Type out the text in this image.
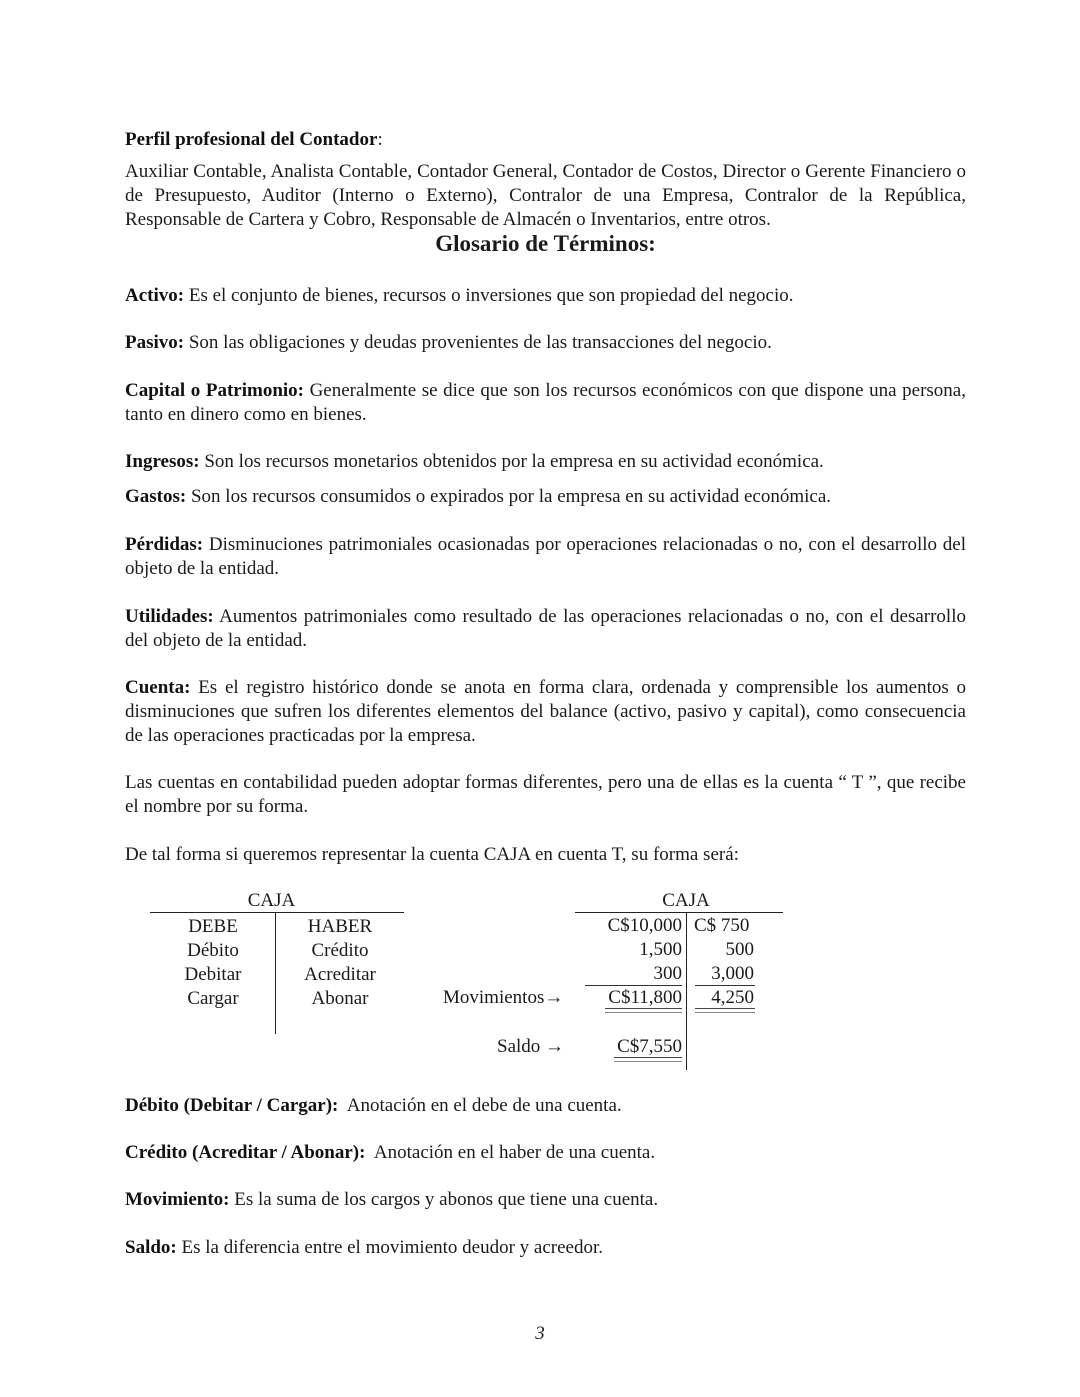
Perfil profesional del Contador:

Auxiliar Contable, Analista Contable, Contador General, Contador de Costos, Director o Gerente Financiero o de Presupuesto, Auditor (Interno o Externo), Contralor de una Empresa, Contralor de la República, Responsable de Cartera y Cobro, Responsable de Almacén o Inventarios, entre otros.

Glosario de Términos:

Activo: Es el conjunto de bienes, recursos o inversiones que son propiedad del negocio.

Pasivo: Son las obligaciones y deudas provenientes de las transacciones del negocio.

Capital o Patrimonio: Generalmente se dice que son los recursos económicos con que dispone una persona, tanto en dinero como en bienes.

Ingresos: Son los recursos monetarios obtenidos por la empresa en su actividad económica.

Gastos: Son los recursos consumidos o expirados por la empresa en su actividad económica.

Pérdidas: Disminuciones patrimoniales ocasionadas por operaciones relacionadas o no, con el desarrollo del objeto de la entidad.

Utilidades: Aumentos patrimoniales como resultado de las operaciones relacionadas o no, con el desarrollo del objeto de la entidad.

Cuenta: Es el registro histórico donde se anota en forma clara, ordenada y comprensible los aumentos o disminuciones que sufren los diferentes elementos del balance (activo, pasivo y capital), como consecuencia de las operaciones practicadas por la empresa.

Las cuentas en contabilidad pueden adoptar formas diferentes, pero una de ellas es la cuenta “ T ”, que recibe el nombre por su forma.

De tal forma si queremos representar la cuenta CAJA en cuenta T, su forma será:

CAJA
DEBE
Débito
Debitar
Cargar
HABER
Crédito
Acreditar
Abonar	Movimientos→
Saldo →
CAJA
C$10,000
1,500
300
C$11,800
C$ 750
500
3,000
4,250
C$7,550

Débito (Debitar / Cargar):  Anotación en el debe de una cuenta.

Crédito (Acreditar / Abonar):  Anotación en el haber de una cuenta.

Movimiento: Es la suma de los cargos y abonos que tiene una cuenta.

Saldo: Es la diferencia entre el movimiento deudor y acreedor.

3
